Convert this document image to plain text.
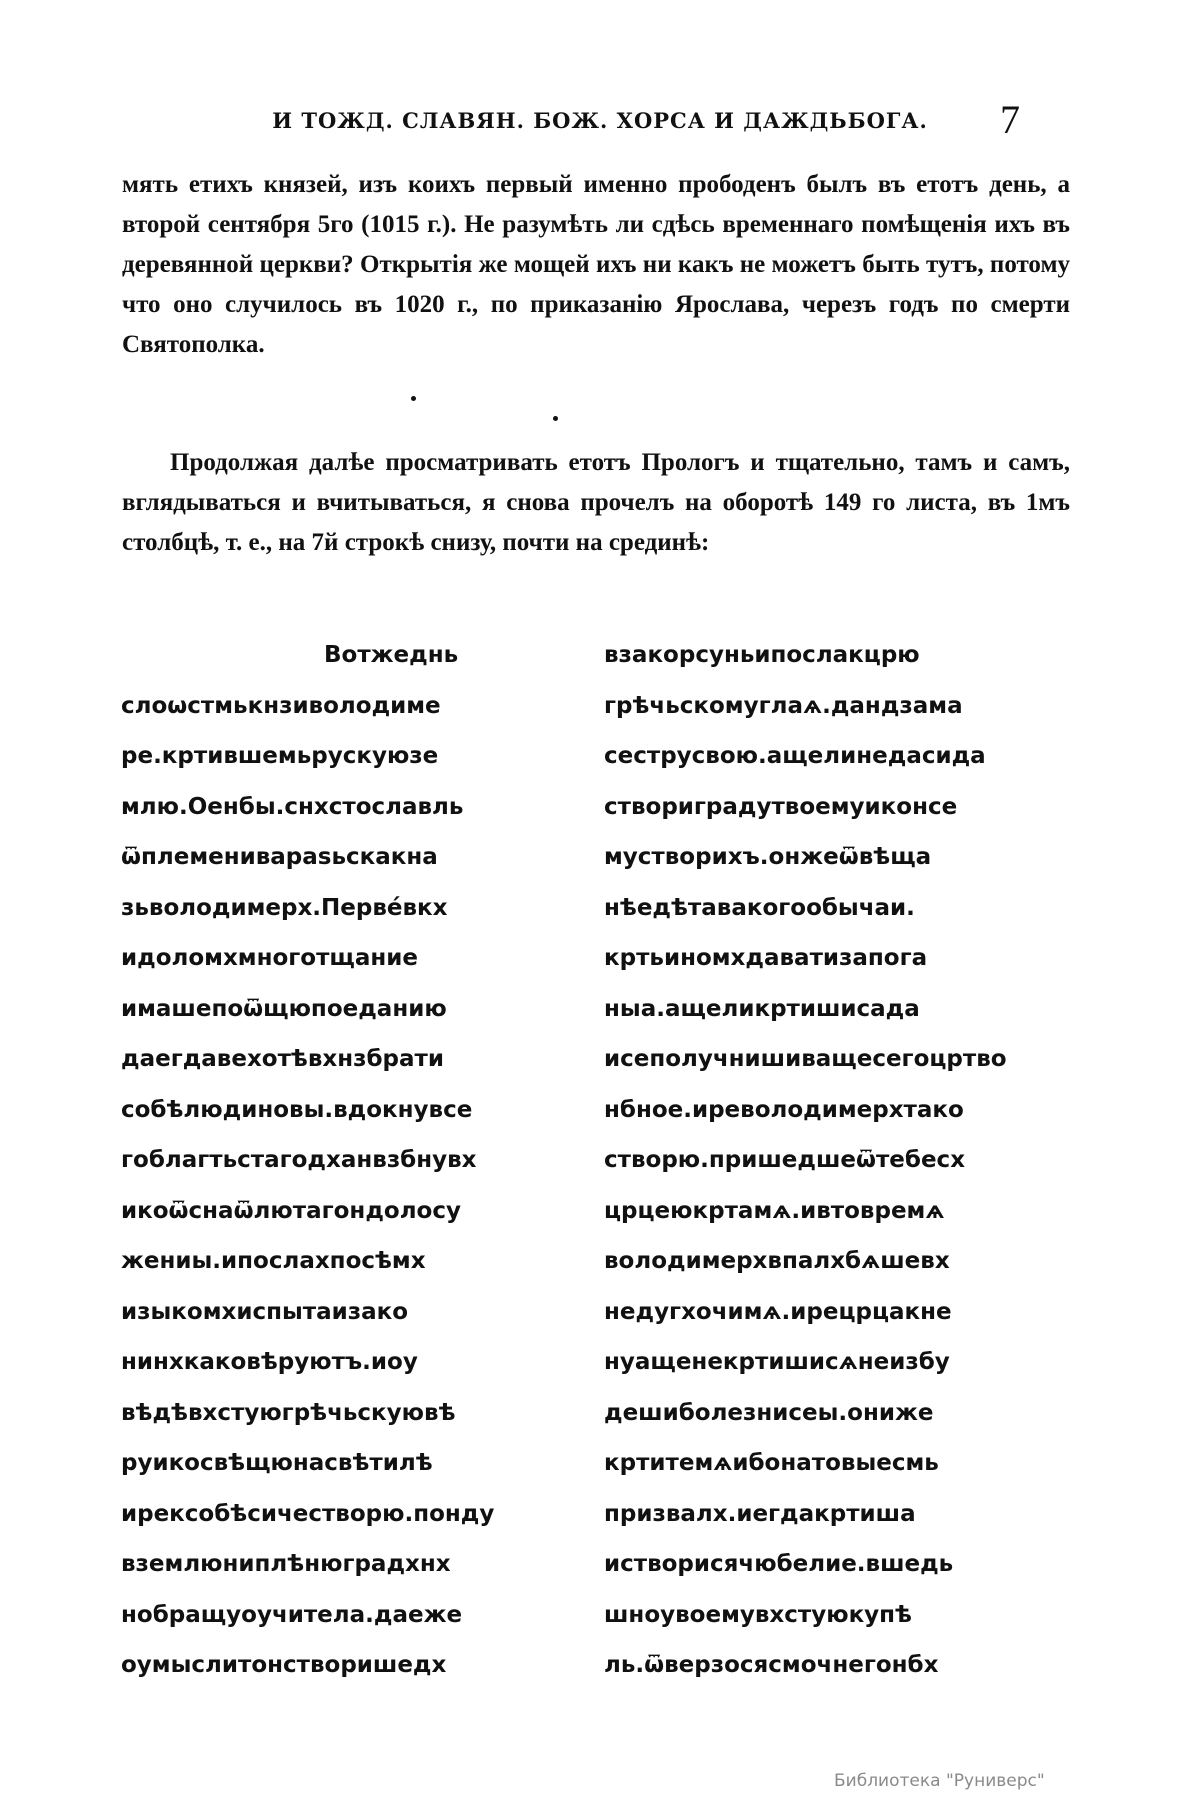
И ТОЖД. СЛАВЯН. БОЖ. ХОРСА И ДАЖДЬБОГА.	7

мять етихъ князей, изъ коихъ первый именно прободенъ былъ въ етотъ день, а второй сентября 5го (1015 г.). Не разумѣть ли сдѣсь временнаго помѣщенія ихъ въ деревянной церкви? Открытія же мощей ихъ ни какъ не можетъ быть тутъ, потому что оно случилось въ 1020 г., по приказанію Ярослава, черезъ годъ по смерти Святополка.

Продолжая далѣе просматривать етотъ Прологъ и тщательно, тамъ и самъ, вглядываться и вчитываться, я снова прочелъ на оборотѣ 149 го листа, въ 1мъ столбцѣ, т. е., на 7й строкѣ снизу, почти на срединѣ:

Вотжеднь
слоѡстмькнзиволодиме
ре.кртившемьрускуюзе
млю.Оенбы.снхстославль
ѿплеменивараѕьскакна
зьволодимерх.Перве́вкх
идоломхмноготщание
имашепоѿщюпоеданию
даегдавехотѣвхнзбрати
собѣлюдиновы.вдокнувсе
гоблагтьстагодханвзбнувх
икоѿснаѿлютагондолосу
жениы.ипослахпосѣмх
изыкомхиспытаизако
нинхкаковѣруютъ.иоу
вѣдѣвхстуюгрѣчьскуювѣ
руикосвѣщюнасвѣтилѣ
ирексобѣсичестворю.понду
вземлюниплѣнюградхнх
нобращуоучитела.даеже
оумыслитонстворишедх
взакорсуньипослакцрю
грѣчьскомуглаѧ.дандзама
сеструсвою.ащелинедасида
створиградутвоемуиконсе
мустворихъ.онжеѿвѣща
нѣедѣтавакогообычаи.
кртьиномхдаватизапога
ныа.ащеликртишисада
исеполучнишиващесегоцртво
нбное.иреволодимерхтако
створю.пришедшеѿтебесх
црцеюкртамѧ.ивтовремѧ
володимерхвпалхбѧшевх
недугхочимѧ.ирецрцакне
нуащенекртишисѧнеизбу
дешиболезнисеы.ониже
кртитемѧибонатовыесмь
призвалх.иегдакртиша
истворисячюбелие.вшедь
шноувоемувхстуюкупѣ
ль.ѿверзосясмочнегонбх
Библиотека "Руниверс"
